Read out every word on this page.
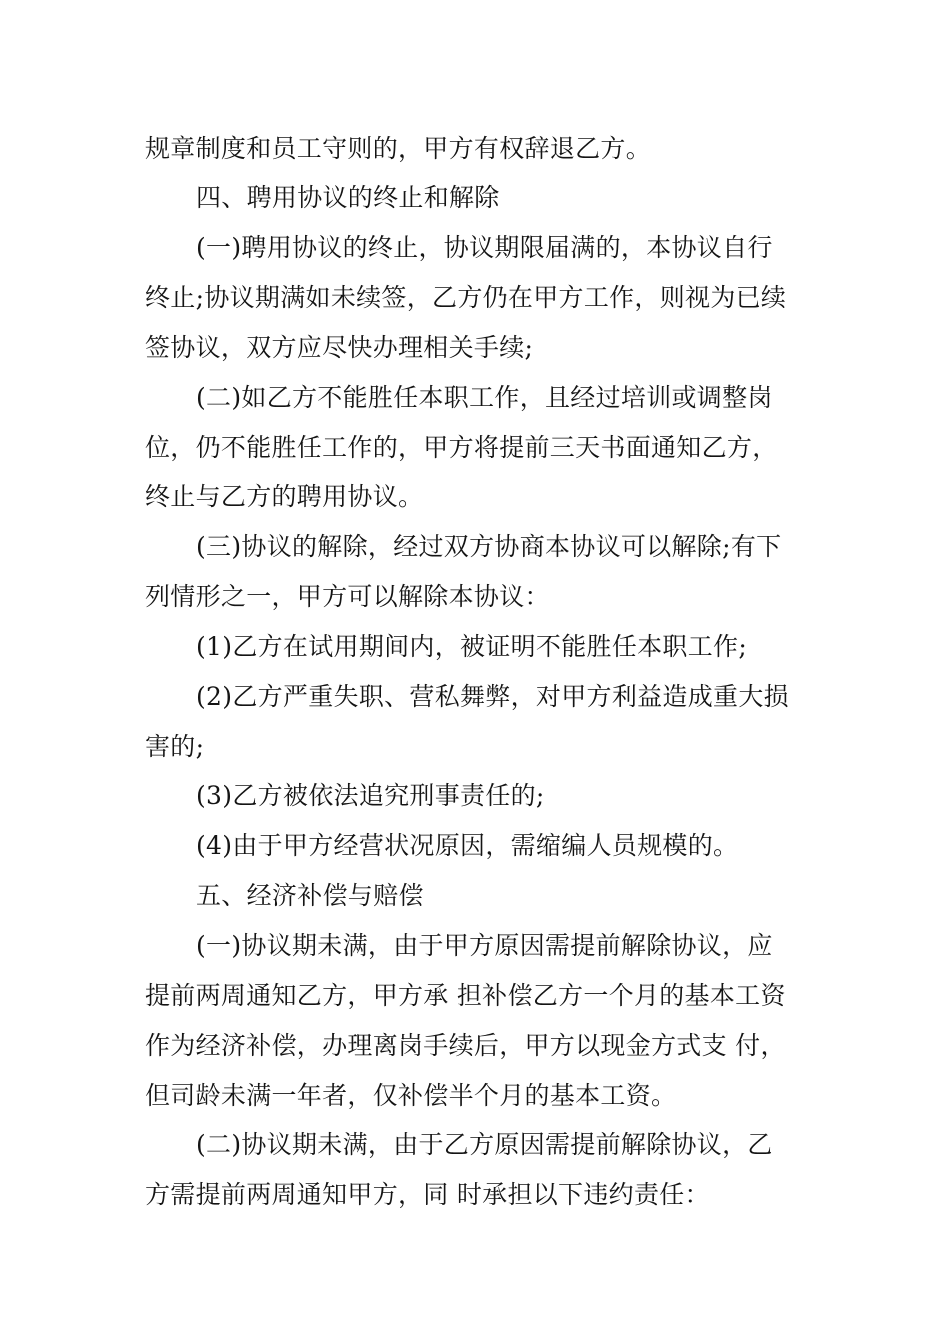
规章制度和员工守则的，甲方有权辞退乙方。
四、聘用协议的终止和解除
(一)聘用协议的终止，协议期限届满的，本协议自行
终止;协议期满如未续签，乙方仍在甲方工作，则视为已续
签协议，双方应尽快办理相关手续;
(二)如乙方不能胜任本职工作，且经过培训或调整岗
位，仍不能胜任工作的，甲方将提前三天书面通知乙方，
终止与乙方的聘用协议。
(三)协议的解除，经过双方协商本协议可以解除;有下
列情形之一，甲方可以解除本协议：
(1)乙方在试用期间内，被证明不能胜任本职工作;
(2)乙方严重失职、营私舞弊，对甲方利益造成重大损
害的;
(3)乙方被依法追究刑事责任的;
(4)由于甲方经营状况原因，需缩编人员规模的。
五、经济补偿与赔偿
(一)协议期未满，由于甲方原因需提前解除协议，应
提前两周通知乙方，甲方承 担补偿乙方一个月的基本工资
作为经济补偿，办理离岗手续后，甲方以现金方式支 付，
但司龄未满一年者，仅补偿半个月的基本工资。
(二)协议期未满，由于乙方原因需提前解除协议，乙
方需提前两周通知甲方，同 时承担以下违约责任：
